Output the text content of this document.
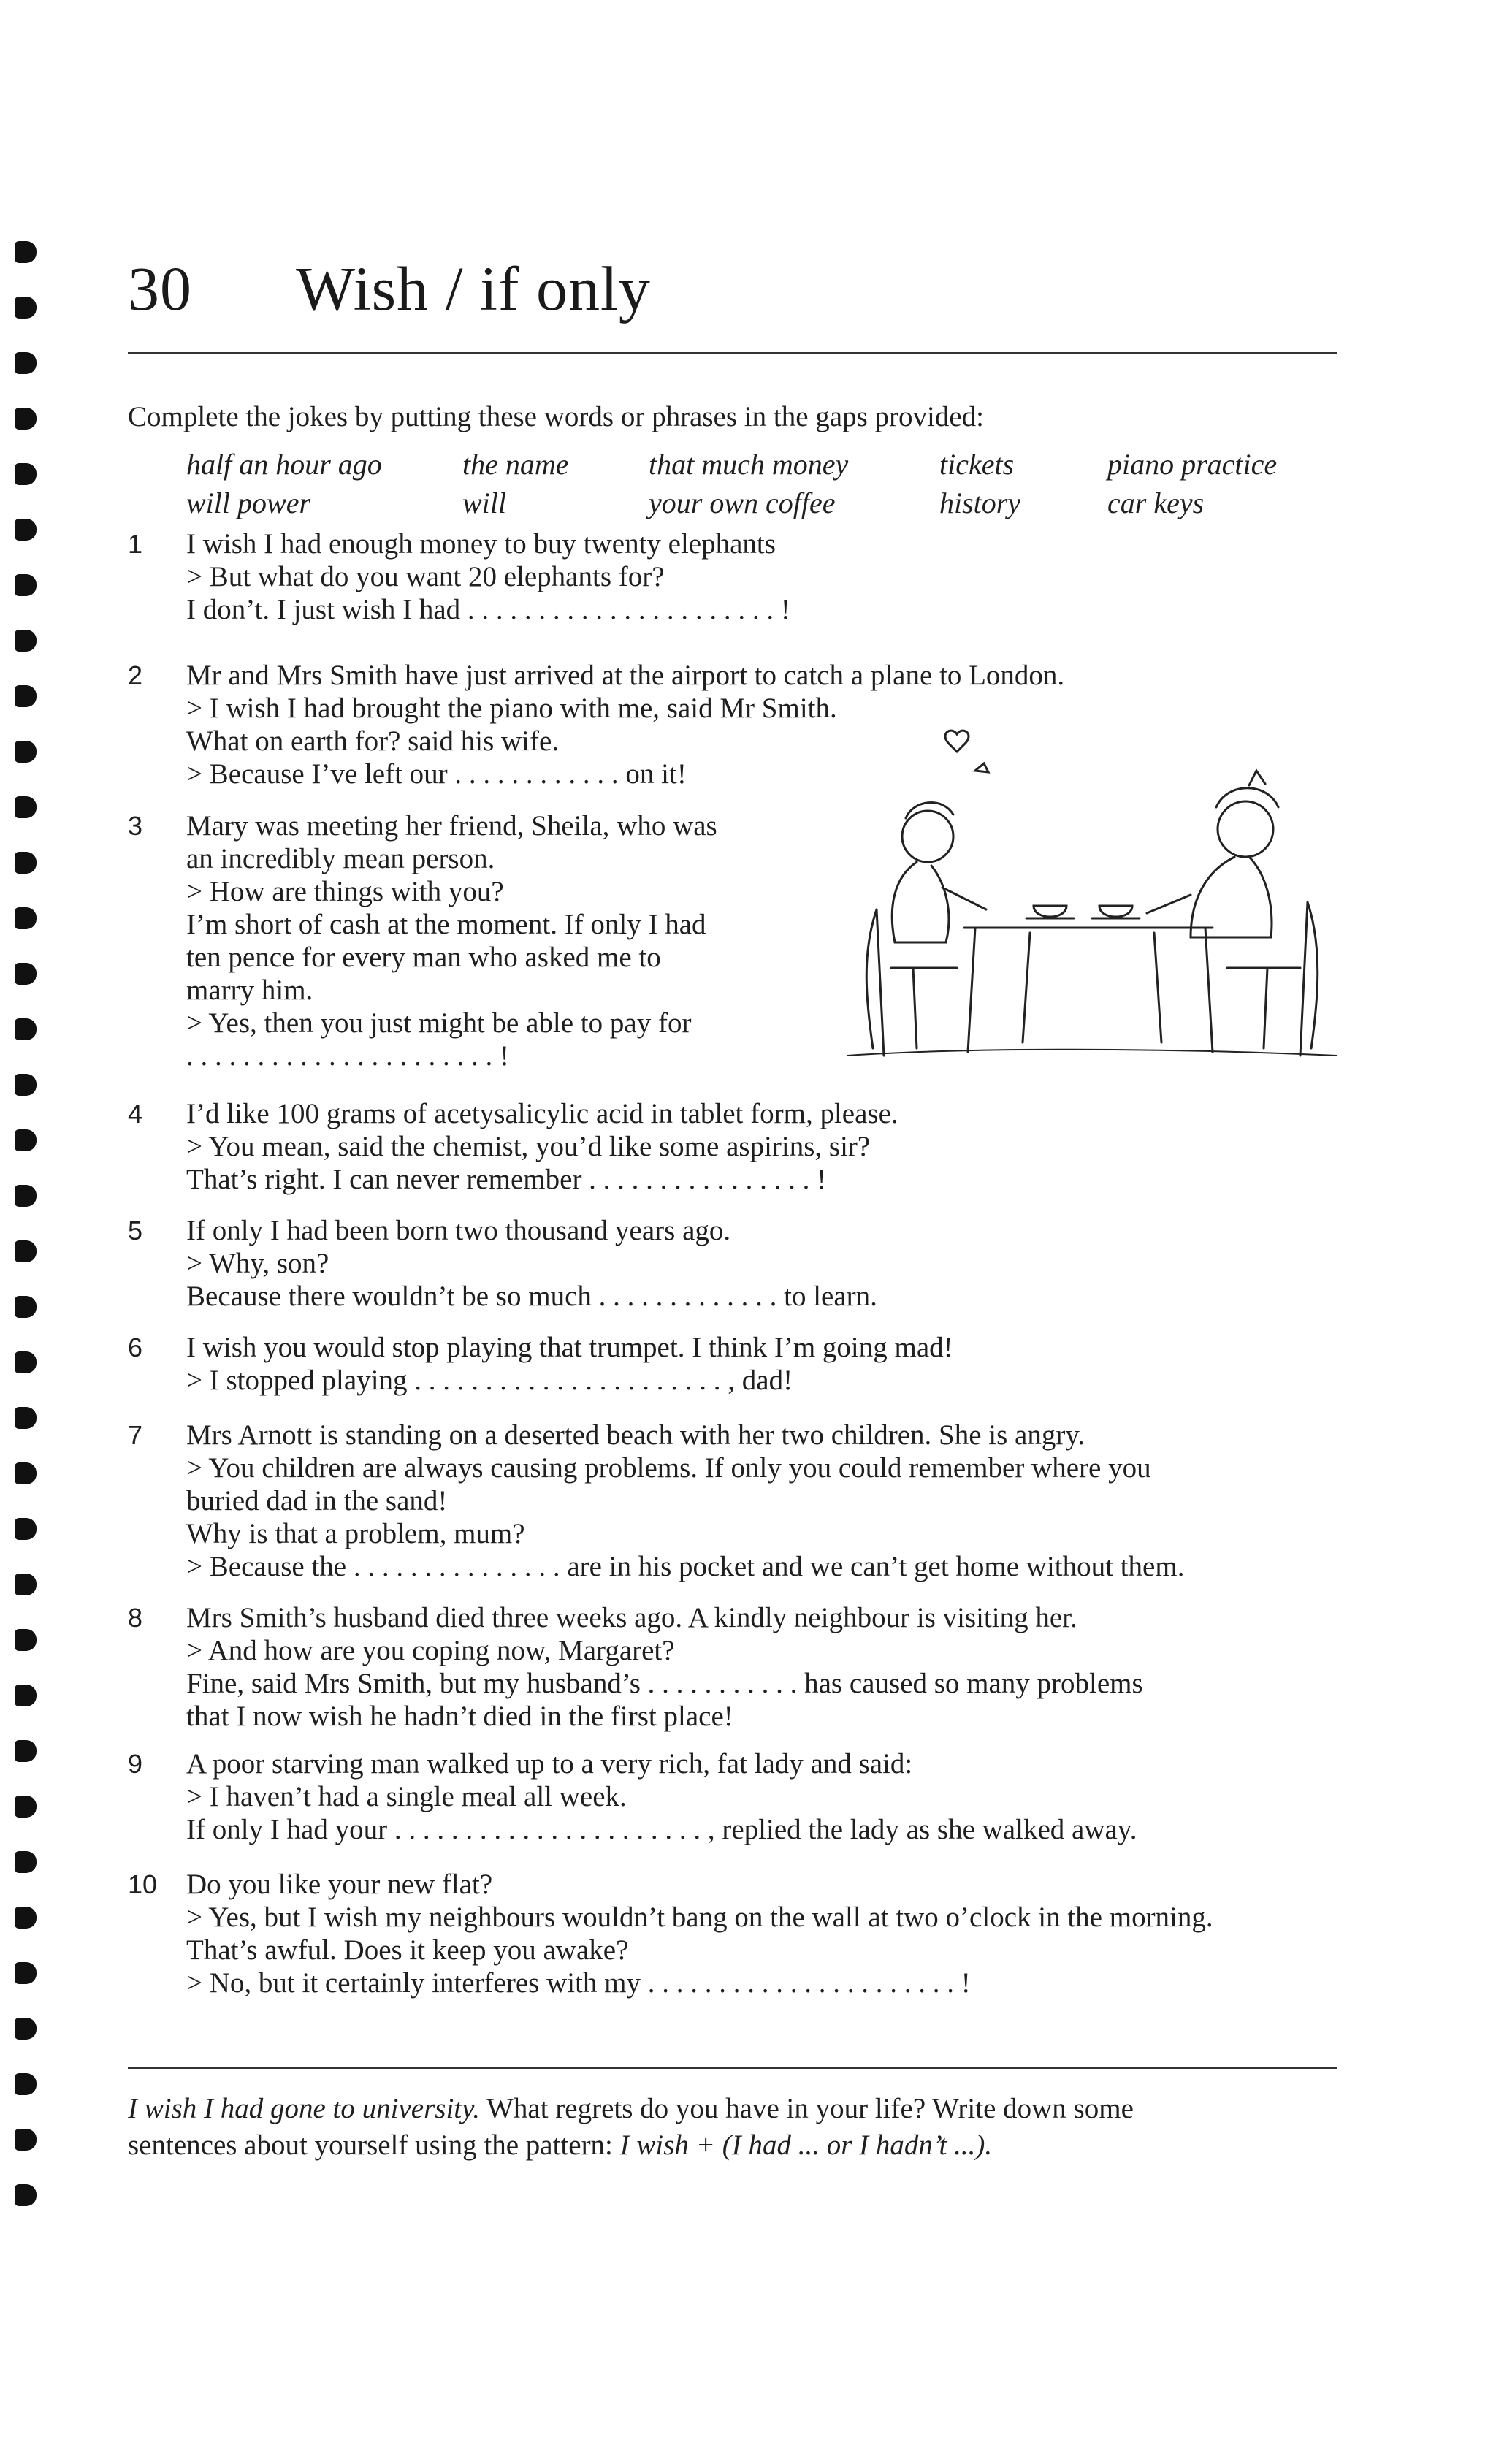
30 Wish / if only
Complete the jokes by putting these words or phrases in the gaps provided:
half an hour ago	the name	that much money	tickets	piano practice
will power	will	your own coffee	history	car keys
1	I wish I had enough money to buy twenty elephants
> But what do you want 20 elephants for?
I don’t. I just wish I had . . . . . . . . . . . . . . . . . . . . . . !
2	Mr and Mrs Smith have just arrived at the airport to catch a plane to London.
> I wish I had brought the piano with me, said Mr Smith.
What on earth for? said his wife.
> Because I’ve left our . . . . . . . . . . . . on it!
3	Mary was meeting her friend, Sheila, who was
an incredibly mean person.
> How are things with you?
I’m short of cash at the moment. If only I had
ten pence for every man who asked me to
marry him.
> Yes, then you just might be able to pay for
. . . . . . . . . . . . . . . . . . . . . . !
4	I’d like 100 grams of acetysalicylic acid in tablet form, please.
> You mean, said the chemist, you’d like some aspirins, sir?
That’s right. I can never remember . . . . . . . . . . . . . . . . !
5	If only I had been born two thousand years ago.
> Why, son?
Because there wouldn’t be so much . . . . . . . . . . . . . to learn.
6	I wish you would stop playing that trumpet. I think I’m going mad!
> I stopped playing . . . . . . . . . . . . . . . . . . . . . . , dad!
7	Mrs Arnott is standing on a deserted beach with her two children. She is angry.
> You children are always causing problems. If only you could remember where you
buried dad in the sand!
Why is that a problem, mum?
> Because the . . . . . . . . . . . . . . . are in his pocket and we can’t get home without them.
8	Mrs Smith’s husband died three weeks ago. A kindly neighbour is visiting her.
> And how are you coping now, Margaret?
Fine, said Mrs Smith, but my husband’s . . . . . . . . . . . has caused so many problems
that I now wish he hadn’t died in the first place!
9	A poor starving man walked up to a very rich, fat lady and said:
> I haven’t had a single meal all week.
If only I had your . . . . . . . . . . . . . . . . . . . . . . , replied the lady as she walked away.
10	Do you like your new flat?
> Yes, but I wish my neighbours wouldn’t bang on the wall at two o’clock in the morning.
That’s awful. Does it keep you awake?
> No, but it certainly interferes with my . . . . . . . . . . . . . . . . . . . . . . !
I wish I had gone to university. What regrets do you have in your life? Write down some
sentences about yourself using the pattern: I wish + (I had ... or I hadn’t ...).
